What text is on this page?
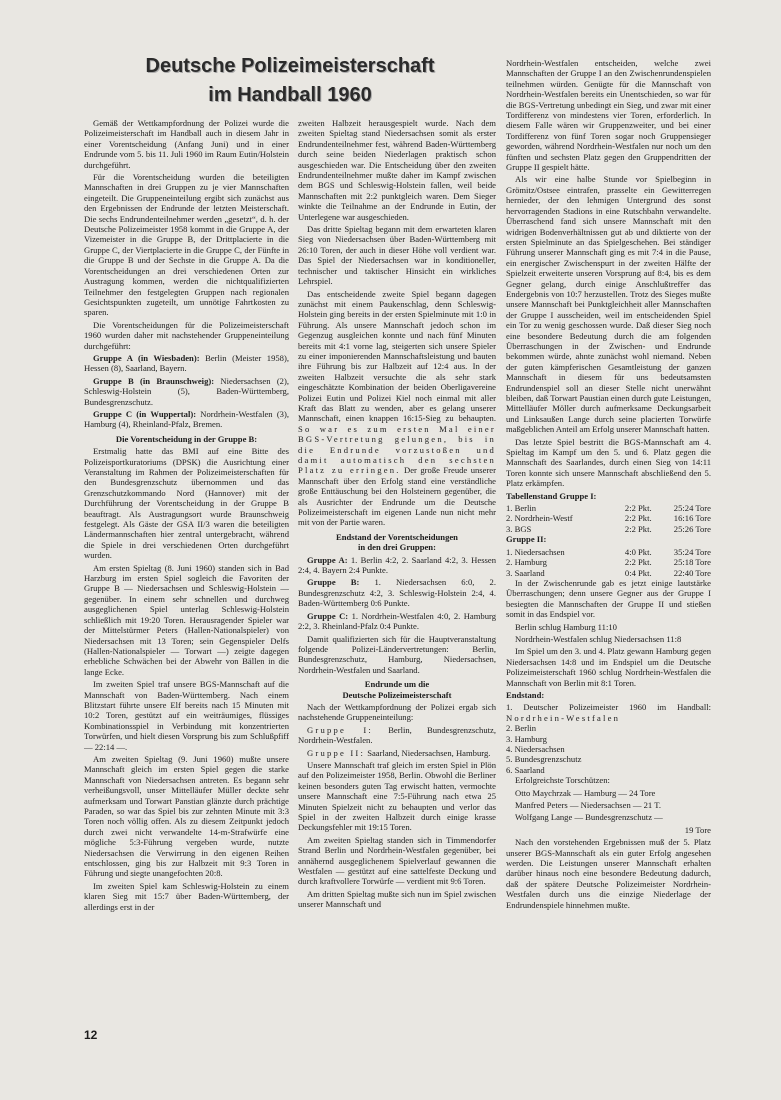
Deutsche Polizeimeisterschaft
im Handball 1960

Gemäß der Wettkampfordnung der Polizei wurde die Polizeimeisterschaft im Handball auch in diesem Jahr in einer Vorentscheidung (Anfang Juni) und in einer Endrunde vom 5. bis 11. Juli 1960 im Raum Eutin/Holstein durchgeführt.

Für die Vorentscheidung wurden die beteiligten Mannschaften in drei Gruppen zu je vier Mannschaften eingeteilt. Die Gruppeneinteilung ergibt sich zunächst aus den Ergebnissen der Endrunde der letzten Meisterschaft. Die sechs Endrundenteilnehmer werden „gesetzt“, d. h. der Deutsche Polizeimeister 1958 kommt in die Gruppe A, der Vizemeister in die Gruppe B, der Drittplacierte in die Gruppe C, der Viertplacierte in die Gruppe C, der Fünfte in die Gruppe B und der Sechste in die Gruppe A. Da die Vorentscheidungen an drei verschiedenen Orten zur Austragung kommen, werden die nichtqualifizierten Teilnehmer den festgelegten Gruppen nach regionalen Gesichtspunkten zugeteilt, um unnötige Fahrtkosten zu sparen.

Die Vorentscheidungen für die Polizeimeisterschaft 1960 wurden daher mit nachstehender Gruppeneinteilung durchgeführt:

Gruppe A (in Wiesbaden): Berlin (Meister 1958), Hessen (8), Saarland, Bayern.

Gruppe B (in Braunschweig): Niedersachsen (2), Schleswig-Holstein (5), Baden-Württemberg, Bundesgrenzschutz.

Gruppe C (in Wuppertal): Nordrhein-Westfalen (3), Hamburg (4), Rheinland-Pfalz, Bremen.

Die Vorentscheidung in der Gruppe B:

Erstmalig hatte das BMI auf eine Bitte des Polizeisportkuratoriums (DPSK) die Ausrichtung einer Veranstaltung im Rahmen der Polizeimeisterschaften für den Bundesgrenzschutz übernommen und das Grenzschutzkommando Nord (Hannover) mit der Durchführung der Vorentscheidung in der Gruppe B beauftragt. Als Austragungsort wurde Braunschweig festgelegt. Als Gäste der GSA II/3 waren die beteiligten Ländermannschaften hier zentral untergebracht, während die Spiele in drei verschiedenen Orten durchgeführt wurden.

Am ersten Spieltag (8. Juni 1960) standen sich in Bad Harzburg im ersten Spiel sogleich die Favoriten der Gruppe B — Niedersachsen und Schleswig-Holstein — gegenüber. In einem sehr schnellen und durchweg ausgeglichenen Spiel unterlag Schleswig-Holstein schließlich mit 19:20 Toren. Herausragender Spieler war der Mittelstürmer Peters (Hallen-Nationalspieler) von Niedersachsen mit 13 Toren; sein Gegenspieler Delfs (Hallen-Nationalspieler — Torwart —) zeigte dagegen erhebliche Schwächen bei der Abwehr von Bällen in die lange Ecke.

Im zweiten Spiel traf unsere BGS-Mannschaft auf die Mannschaft von Baden-Württemberg. Nach einem Blitzstart führte unsere Elf bereits nach 15 Minuten mit 10:2 Toren, gestützt auf ein weiträumiges, flüssiges Kombinationsspiel in Verbindung mit konzentrierten Torwürfen, und hielt diesen Vorsprung bis zum Schlußpfiff — 22:14 —.

Am zweiten Spieltag (9. Juni 1960) mußte unsere Mannschaft gleich im ersten Spiel gegen die starke Mannschaft von Niedersachsen antreten. Es begann sehr verheißungsvoll, unser Mittelläufer Müller deckte sehr aufmerksam und Torwart Panstian glänzte durch prächtige Paraden, so war das Spiel bis zur zehnten Minute mit 3:3 Toren noch völlig offen. Als zu diesem Zeitpunkt jedoch durch zwei nicht verwandelte 14-m-Strafwürfe eine mögliche 5:3-Führung vergeben wurde, nutzte Niedersachsen die Verwirrung in den eigenen Reihen entschlossen, ging bis zur Halbzeit mit 9:3 Toren in Führung und siegte unangefochten 20:8.

Im zweiten Spiel kam Schleswig-Holstein zu einem klaren Sieg mit 15:7 über Baden-Württemberg, der allerdings erst in der

zweiten Halbzeit herausgespielt wurde. Nach dem zweiten Spieltag stand Niedersachsen somit als erster Endrundenteilnehmer fest, während Baden-Württemberg durch seine beiden Niederlagen praktisch schon ausgeschieden war. Die Entscheidung über den zweiten Endrundenteilnehmer mußte daher im Kampf zwischen dem BGS und Schleswig-Holstein fallen, weil beide Mannschaften mit 2:2 punktgleich waren. Dem Sieger winkte die Teilnahme an der Endrunde in Eutin, der Unterlegene war ausgeschieden.

Das dritte Spieltag begann mit dem erwarteten klaren Sieg von Niedersachsen über Baden-Württemberg mit 26:10 Toren, der auch in dieser Höhe voll verdient war. Das Spiel der Niedersachsen war in konditioneller, technischer und taktischer Hinsicht ein wirkliches Lehrspiel.

Das entscheidende zweite Spiel begann dagegen zunächst mit einem Paukenschlag, denn Schleswig-Holstein ging bereits in der ersten Spielminute mit 1:0 in Führung. Als unsere Mannschaft jedoch schon im Gegenzug ausgleichen konnte und nach fünf Minuten bereits mit 4:1 vorne lag, steigerten sich unsere Spieler zu einer imponierenden Mannschaftsleistung und bauten ihre Führung bis zur Halbzeit auf 12:4 aus. In der zweiten Halbzeit versuchte die als sehr stark eingeschätzte Kombination der beiden Oberligavereine Polizei Eutin und Polizei Kiel noch einmal mit aller Kraft das Blatt zu wenden, aber es gelang unserer Mannschaft, einen knappen 16:15-Sieg zu behaupten. So war es zum ersten Mal einer BGS-Vertretung gelungen, bis in die Endrunde vorzustoßen und damit automatisch den sechsten Platz zu erringen. Der große Freude unserer Mannschaft über den Erfolg stand eine verständliche große Enttäuschung bei den Holsteinern gegenüber, die als Ausrichter der Endrunde um die Deutsche Polizeimeisterschaft im eigenen Lande nun nicht mehr mit von der Partie waren.

Endstand der Vorentscheidungen
in den drei Gruppen:

Gruppe A: 1. Berlin 4:2, 2. Saarland 4:2, 3. Hessen 2:4, 4. Bayern 2:4 Punkte.

Gruppe B: 1. Niedersachsen 6:0, 2. Bundesgrenzschutz 4:2, 3. Schleswig-Holstein 2:4, 4. Baden-Württemberg 0:6 Punkte.

Gruppe C: 1. Nordrhein-Westfalen 4:0, 2. Hamburg 2:2, 3. Rheinland-Pfalz 0:4 Punkte.

Damit qualifizierten sich für die Hauptveranstaltung folgende Polizei-Ländervertretungen: Berlin, Bundesgrenzschutz, Hamburg, Niedersachsen, Nordrhein-Westfalen und Saarland.

Endrunde um die
Deutsche Polizeimeisterschaft

Nach der Wettkampfordnung der Polizei ergab sich nachstehende Gruppeneinteilung:

Gruppe I: Berlin, Bundesgrenzschutz, Nordrhein-Westfalen.

Gruppe II: Saarland, Niedersachsen, Hamburg.

Unsere Mannschaft traf gleich im ersten Spiel in Plön auf den Polizeimeister 1958, Berlin. Obwohl die Berliner keinen besonders guten Tag erwischt hatten, vermochte unsere Mannschaft eine 7:5-Führung nach etwa 25 Minuten Spielzeit nicht zu behaupten und verlor das Spiel in der zweiten Halbzeit durch einige krasse Deckungsfehler mit 19:15 Toren.

Am zweiten Spieltag standen sich in Timmendorfer Strand Berlin und Nordrhein-Westfalen gegenüber, bei annähernd ausgeglichenem Spielverlauf gewannen die Westfalen — gestützt auf eine sattelfeste Deckung und durch kraftvollere Torwürfe — verdient mit 9:6 Toren.

Am dritten Spieltag mußte sich nun im Spiel zwischen unserer Mannschaft und

Nordrhein-Westfalen entscheiden, welche zwei Mannschaften der Gruppe I an den Zwischenrundenspielen teilnehmen würden. Genügte für die Mannschaft von Nordrhein-Westfalen bereits ein Unentschieden, so war für die BGS-Vertretung unbedingt ein Sieg, und zwar mit einer Tordifferenz von mindestens vier Toren, erforderlich. In diesem Falle wären wir Gruppenzweiter, und bei einer Tordifferenz von fünf Toren sogar noch Gruppensieger geworden, während Nordrhein-Westfalen nur noch um den fünften und sechsten Platz gegen den Gruppendritten der Gruppe II gespielt hätte.

Als wir eine halbe Stunde vor Spielbeginn in Grömitz/Ostsee eintrafen, prasselte ein Gewitterregen hernieder, der den lehmigen Untergrund des sonst hervorragenden Stadions in eine Rutschbahn verwandelte. Überraschend fand sich unsere Mannschaft mit den widrigen Bodenverhältnissen gut ab und diktierte von der ersten Spielminute an das Spielgeschehen. Bei ständiger Führung unserer Mannschaft ging es mit 7:4 in die Pause, ein energischer Zwischenspurt in der zweiten Hälfte der Spielzeit erweiterte unseren Vorsprung auf 8:4, bis es dem Gegner gelang, durch einige Anschlußtreffer das Endergebnis von 10:7 herzustellen. Trotz des Sieges mußte unsere Mannschaft bei Punktgleichheit aller Mannschaften der Gruppe I ausscheiden, weil im entscheidenden Spiel ein Tor zu wenig geschossen wurde. Daß dieser Sieg noch eine besondere Bedeutung durch die am folgenden Überraschungen in der Zwischen- und Endrunde bekommen würde, ahnte zunächst wohl niemand. Neben der guten kämpferischen Gesamtleistung der ganzen Mannschaft in diesem für uns bedeutsamsten Endrundenspiel soll an dieser Stelle nicht unerwähnt bleiben, daß Torwart Paustian einen durch gute Leistungen, Mittelläufer Möller durch aufmerksame Deckungsarbeit und Linksaußen Lange durch seine placierten Torwürfe maßgeblichen Anteil am Erfolg unserer Mannschaft hatten.

Das letzte Spiel bestritt die BGS-Mannschaft am 4. Spieltag im Kampf um den 5. und 6. Platz gegen die Mannschaft des Saarlandes, durch einen Sieg von 14:11 Toren konnte sich unsere Mannschaft abschließend den 5. Platz erkämpfen.

Tabellenstand Gruppe I:

1. Berlin	2:2 Pkt.	25:24 Tore
2. Nordrhein-Westf	2:2 Pkt.	16:16 Tore
3. BGS	2:2 Pkt.	25:26 Tore

Gruppe II:

1. Niedersachsen	4:0 Pkt.	35:24 Tore
2. Hamburg	2:2 Pkt.	25:18 Tore
3. Saarland	0:4 Pkt.	22:40 Tore

In der Zwischenrunde gab es jetzt einige lautstärke Überraschungen; denn unsere Gegner aus der Gruppe I besiegten die Mannschaften der Gruppe II und stießen somit in das Endspiel vor.

Berlin schlug Hamburg 11:10

Nordrhein-Westfalen schlug Niedersachsen 11:8

Im Spiel um den 3. und 4. Platz gewann Hamburg gegen Niedersachsen 14:8 und im Endspiel um die Deutsche Polizeimeisterschaft 1960 schlug Nordrhein-Westfalen die Mannschaft von Berlin mit 8:1 Toren.

Endstand:

1. Deutscher Polizeimeister 1960 im Handball: Nordrhein-Westfalen
2. Berlin
3. Hamburg
4. Niedersachsen
5. Bundesgrenzschutz
6. Saarland

Erfolgreichste Torschützen:

Otto Maychrzak — Hamburg — 24 Tore

Manfred Peters — Niedersachsen — 21 T.

Wolfgang Lange — Bundesgrenzschutz —

19 Tore

Nach den vorstehenden Ergebnissen muß der 5. Platz unserer BGS-Mannschaft als ein guter Erfolg angesehen werden. Die Leistungen unserer Mannschaft erhalten darüber hinaus noch eine besondere Bedeutung dadurch, daß der spätere Deutsche Polizeimeister Nordrhein-Westfalen durch uns die einzige Niederlage der Endrundenspiele hinnehmen mußte.

12
